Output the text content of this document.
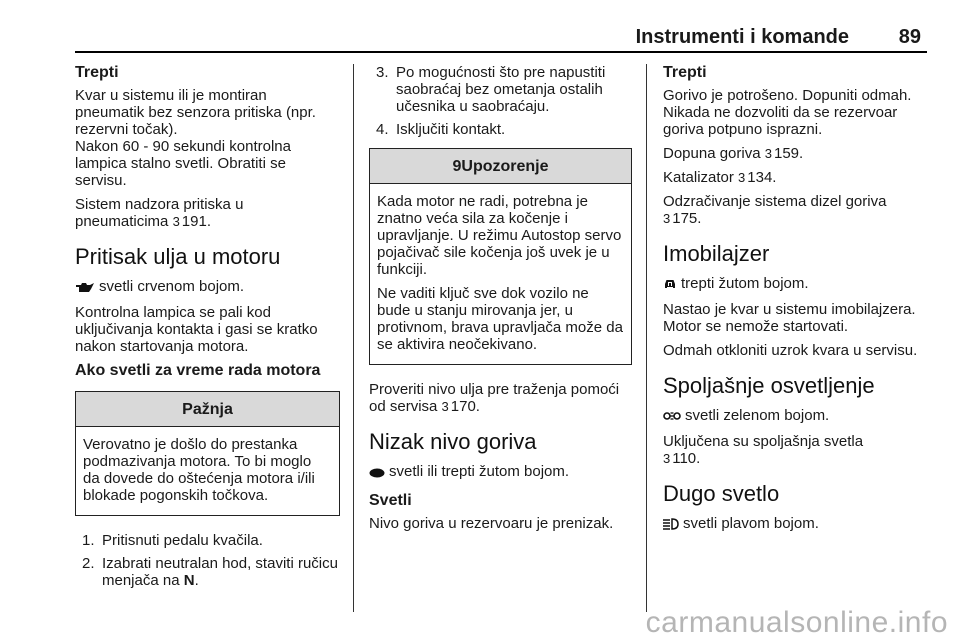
Instrumenti i komande 89

Trepti

Kvar u sistemu ili je montiran pneumatik bez senzora pritiska (npr. rezervni točak).

Nakon 60 - 90 sekundi kontrolna lampica stalno svetli. Obratiti se servisu.

Sistem nadzora pritiska u pneumaticima 3 191.

Pritisak ulja u motoru

svetli crvenom bojom.

Kontrolna lampica se pali kod uključivanja kontakta i gasi se kratko nakon startovanja motora.

Ako svetli za vreme rada motora
Pažnja

Verovatno je došlo do prestanka podmazivanja motora. To bi moglo da dovede do oštećenja motora i/ili blokade pogonskih točkova.

1. Pritisnuti pedalu kvačila.
2. Izabrati neutralan hod, staviti ručicu menjača na N.
3. Po mogućnosti što pre napustiti saobraćaj bez ometanja ostalih učesnika u saobraćaju.
4. Isključiti kontakt.
9Upozorenje

Kada motor ne radi, potrebna je znatno veća sila za kočenje i upravljanje. U režimu Autostop servo pojačivač sile kočenja još uvek je u funkciji.

Ne vaditi ključ sve dok vozilo ne bude u stanju mirovanja jer, u protivnom, brava upravljača može da se aktivira neočekivano.

Proveriti nivo ulja pre traženja pomoći od servisa 3 170.

Nizak nivo goriva

svetli ili trepti žutom bojom.

Svetli

Nivo goriva u rezervoaru je prenizak.

Trepti

Gorivo je potrošeno. Dopuniti odmah. Nikada ne dozvoliti da se rezervoar goriva potpuno isprazni.

Dopuna goriva 3 159.

Katalizator 3 134.

Odzračivanje sistema dizel goriva
3 175.

Imobilajzer

trepti žutom bojom.

Nastao je kvar u sistemu imobilajzera. Motor se nemože startovati.

Odmah otkloniti uzrok kvara u servisu.

Spoljašnje osvetljenje

svetli zelenom bojom.

Uključena su spoljašnja svetla

3 110.

Dugo svetlo

svetli plavom bojom.

carmanualsonline.info
